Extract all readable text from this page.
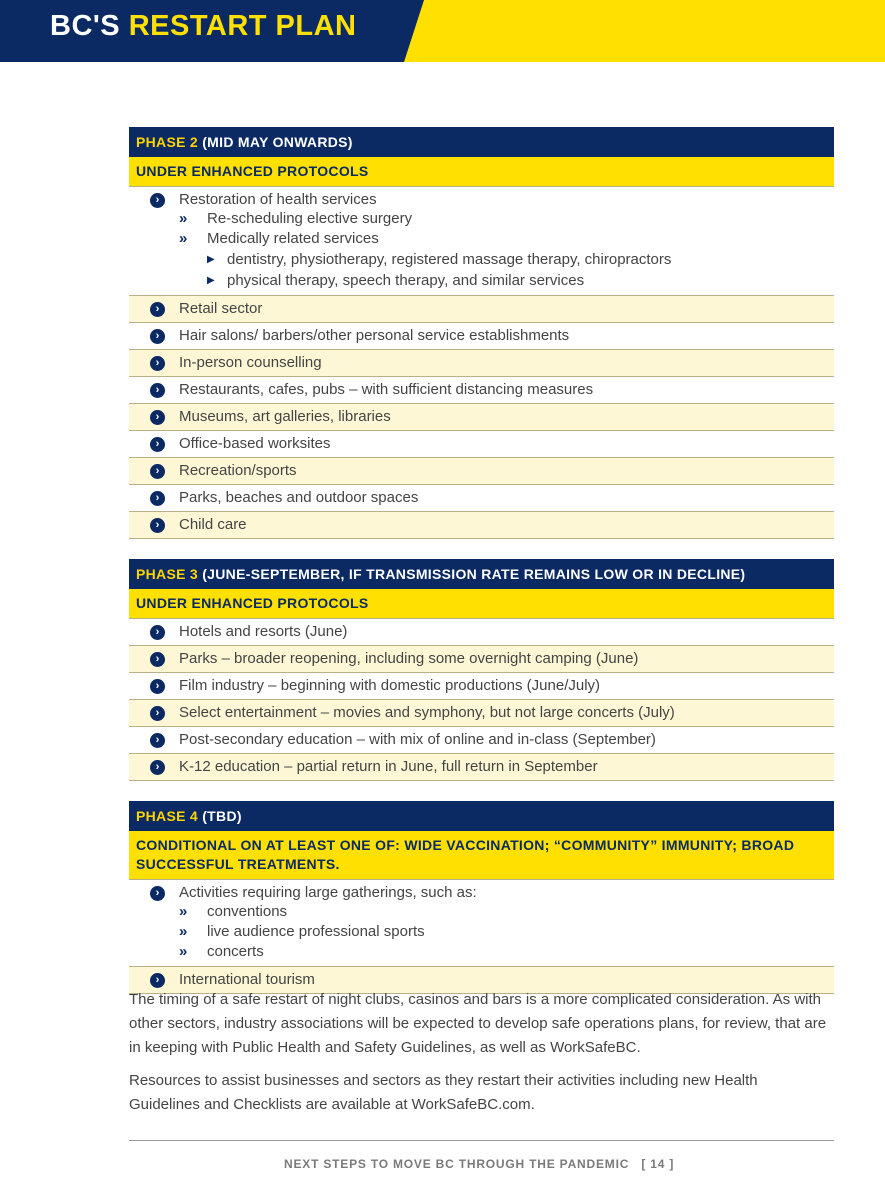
BC'S RESTART PLAN
PHASE 2 (MID MAY ONWARDS)
UNDER ENHANCED PROTOCOLS
›	Restoration of health services
»	Re-scheduling elective surgery
»	Medically related services
▶ dentistry, physiotherapy, registered massage therapy, chiropractors
▶ physical therapy, speech therapy, and similar services
›	Retail sector
›	Hair salons/ barbers/other personal service establishments
›	In-person counselling
›	Restaurants, cafes, pubs – with sufficient distancing measures
›	Museums, art galleries, libraries
›	Office-based worksites
›	Recreation/sports
›	Parks, beaches and outdoor spaces
›	Child care
PHASE 3 (JUNE-SEPTEMBER, IF TRANSMISSION RATE REMAINS LOW OR IN DECLINE)
UNDER ENHANCED PROTOCOLS
›	Hotels and resorts (June)
›	Parks – broader reopening, including some overnight camping (June)
›	Film industry – beginning with domestic productions (June/July)
›	Select entertainment – movies and symphony, but not large concerts (July)
›	Post-secondary education – with mix of online and in-class (September)
›	K-12 education – partial return in June, full return in September
PHASE 4 (TBD)
CONDITIONAL ON AT LEAST ONE OF: WIDE VACCINATION; “COMMUNITY” IMMUNITY; BROAD SUCCESSFUL TREATMENTS.
›	Activities requiring large gatherings, such as:
»	conventions
»	live audience professional sports
»	concerts
›	International tourism
The timing of a safe restart of night clubs, casinos and bars is a more complicated consideration. As with other sectors, industry associations will be expected to develop safe operations plans, for review, that are in keeping with Public Health and Safety Guidelines, as well as WorkSafeBC.
Resources to assist businesses and sectors as they restart their activities including new Health Guidelines and Checklists are available at WorkSafeBC.com.
NEXT STEPS TO MOVE BC THROUGH THE PANDEMIC [ 14 ]
